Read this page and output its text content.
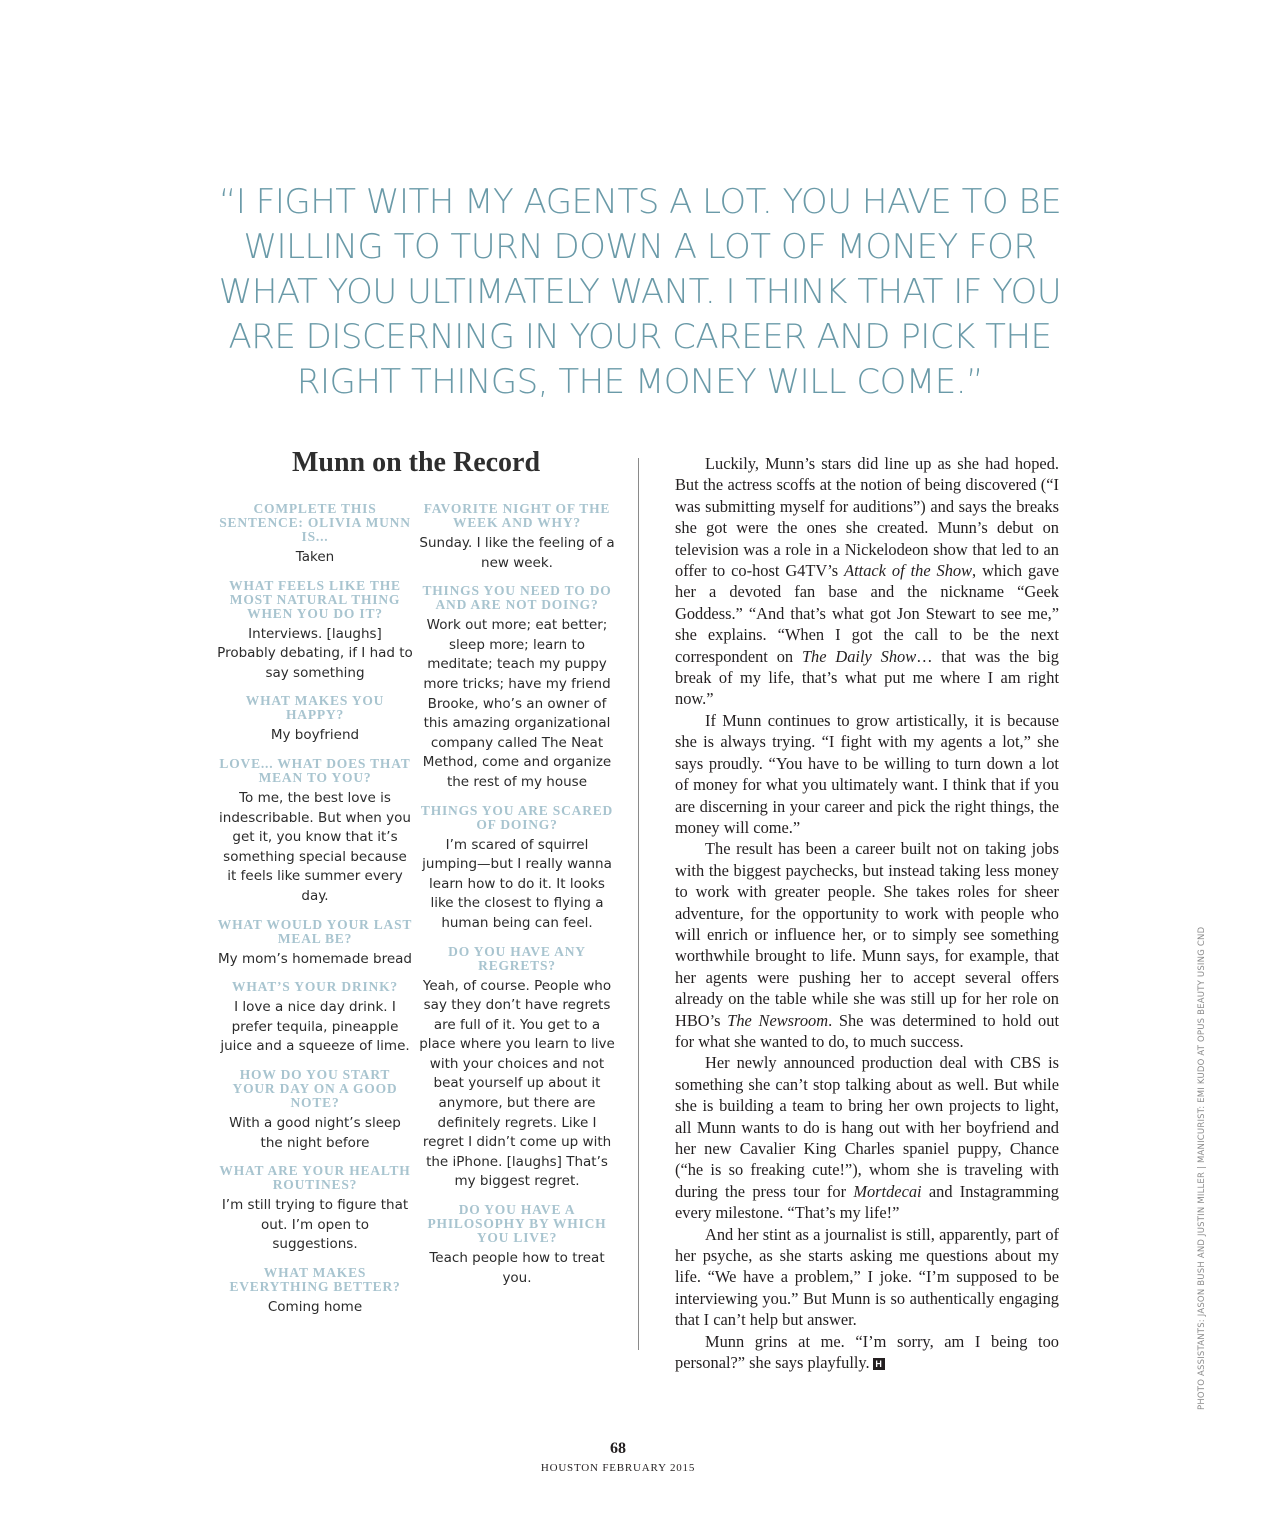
“I FIGHT WITH MY AGENTS A LOT. YOU HAVE TO BE WILLING TO TURN DOWN A LOT OF MONEY FOR WHAT YOU ULTIMATELY WANT. I THINK THAT IF YOU ARE DISCERNING IN YOUR CAREER AND PICK THE RIGHT THINGS, THE MONEY WILL COME.”
Munn on the Record
COMPLETE THIS SENTENCE: OLIVIA MUNN IS...
Taken
WHAT FEELS LIKE THE MOST NATURAL THING WHEN YOU DO IT?
Interviews. [laughs] Probably debating, if I had to say something
WHAT MAKES YOU HAPPY?
My boyfriend
LOVE... WHAT DOES THAT MEAN TO YOU?
To me, the best love is indescribable. But when you get it, you know that it’s something special because it feels like summer every day.
WHAT WOULD YOUR LAST MEAL BE?
My mom’s homemade bread
WHAT’S YOUR DRINK?
I love a nice day drink. I prefer tequila, pineapple juice and a squeeze of lime.
HOW DO YOU START YOUR DAY ON A GOOD NOTE?
With a good night’s sleep the night before
WHAT ARE YOUR HEALTH ROUTINES?
I’m still trying to figure that out. I’m open to suggestions.
WHAT MAKES EVERYTHING BETTER?
Coming home
FAVORITE NIGHT OF THE WEEK AND WHY?
Sunday. I like the feeling of a new week.
THINGS YOU NEED TO DO AND ARE NOT DOING?
Work out more; eat better; sleep more; learn to meditate; teach my puppy more tricks; have my friend Brooke, who’s an owner of this amazing organizational company called The Neat Method, come and organize the rest of my house
THINGS YOU ARE SCARED OF DOING?
I’m scared of squirrel jumping—but I really wanna learn how to do it. It looks like the closest to flying a human being can feel.
DO YOU HAVE ANY REGRETS?
Yeah, of course. People who say they don’t have regrets are full of it. You get to a place where you learn to live with your choices and not beat yourself up about it anymore, but there are definitely regrets. Like I regret I didn’t come up with the iPhone. [laughs] That’s my biggest regret.
DO YOU HAVE A PHILOSOPHY BY WHICH YOU LIVE?
Teach people how to treat you.

Luckily, Munn’s stars did line up as she had hoped. But the actress scoffs at the notion of being discovered (“I was submitting myself for auditions”) and says the breaks she got were the ones she created. Munn’s debut on television was a role in a Nickelodeon show that led to an offer to co-host G4TV’s Attack of the Show, which gave her a devoted fan base and the nickname “Geek Goddess.” “And that’s what got Jon Stewart to see me,” she explains. “When I got the call to be the next correspondent on The Daily Show… that was the big break of my life, that’s what put me where I am right now.”

If Munn continues to grow artistically, it is because she is always trying. “I fight with my agents a lot,” she says proudly. “You have to be willing to turn down a lot of money for what you ultimately want. I think that if you are discerning in your career and pick the right things, the money will come.”

The result has been a career built not on taking jobs with the biggest paychecks, but instead taking less money to work with greater people. She takes roles for sheer adventure, for the opportunity to work with people who will enrich or influence her, or to simply see something worthwhile brought to life. Munn says, for example, that her agents were pushing her to accept several offers already on the table while she was still up for her role on HBO’s The Newsroom. She was determined to hold out for what she wanted to do, to much success.

Her newly announced production deal with CBS is something she can’t stop talking about as well. But while she is building a team to bring her own projects to light, all Munn wants to do is hang out with her boyfriend and her new Cavalier King Charles spaniel puppy, Chance (“he is so freaking cute!”), whom she is traveling with during the press tour for Mortdecai and Instagramming every milestone. “That’s my life!”

And her stint as a journalist is still, apparently, part of her psyche, as she starts asking me questions about my life. “We have a problem,” I joke. “I’m supposed to be interviewing you.” But Munn is so authentically engaging that I can’t help but answer.

Munn grins at me. “I’m sorry, am I being too personal?” she says playfully. H	PHOTO ASSISTANTS: JASON BUSH AND JUSTIN MILLER | MANICURIST: EMI KUDO AT OPUS BEAUTY USING CND
68
HOUSTON FEBRUARY 2015
